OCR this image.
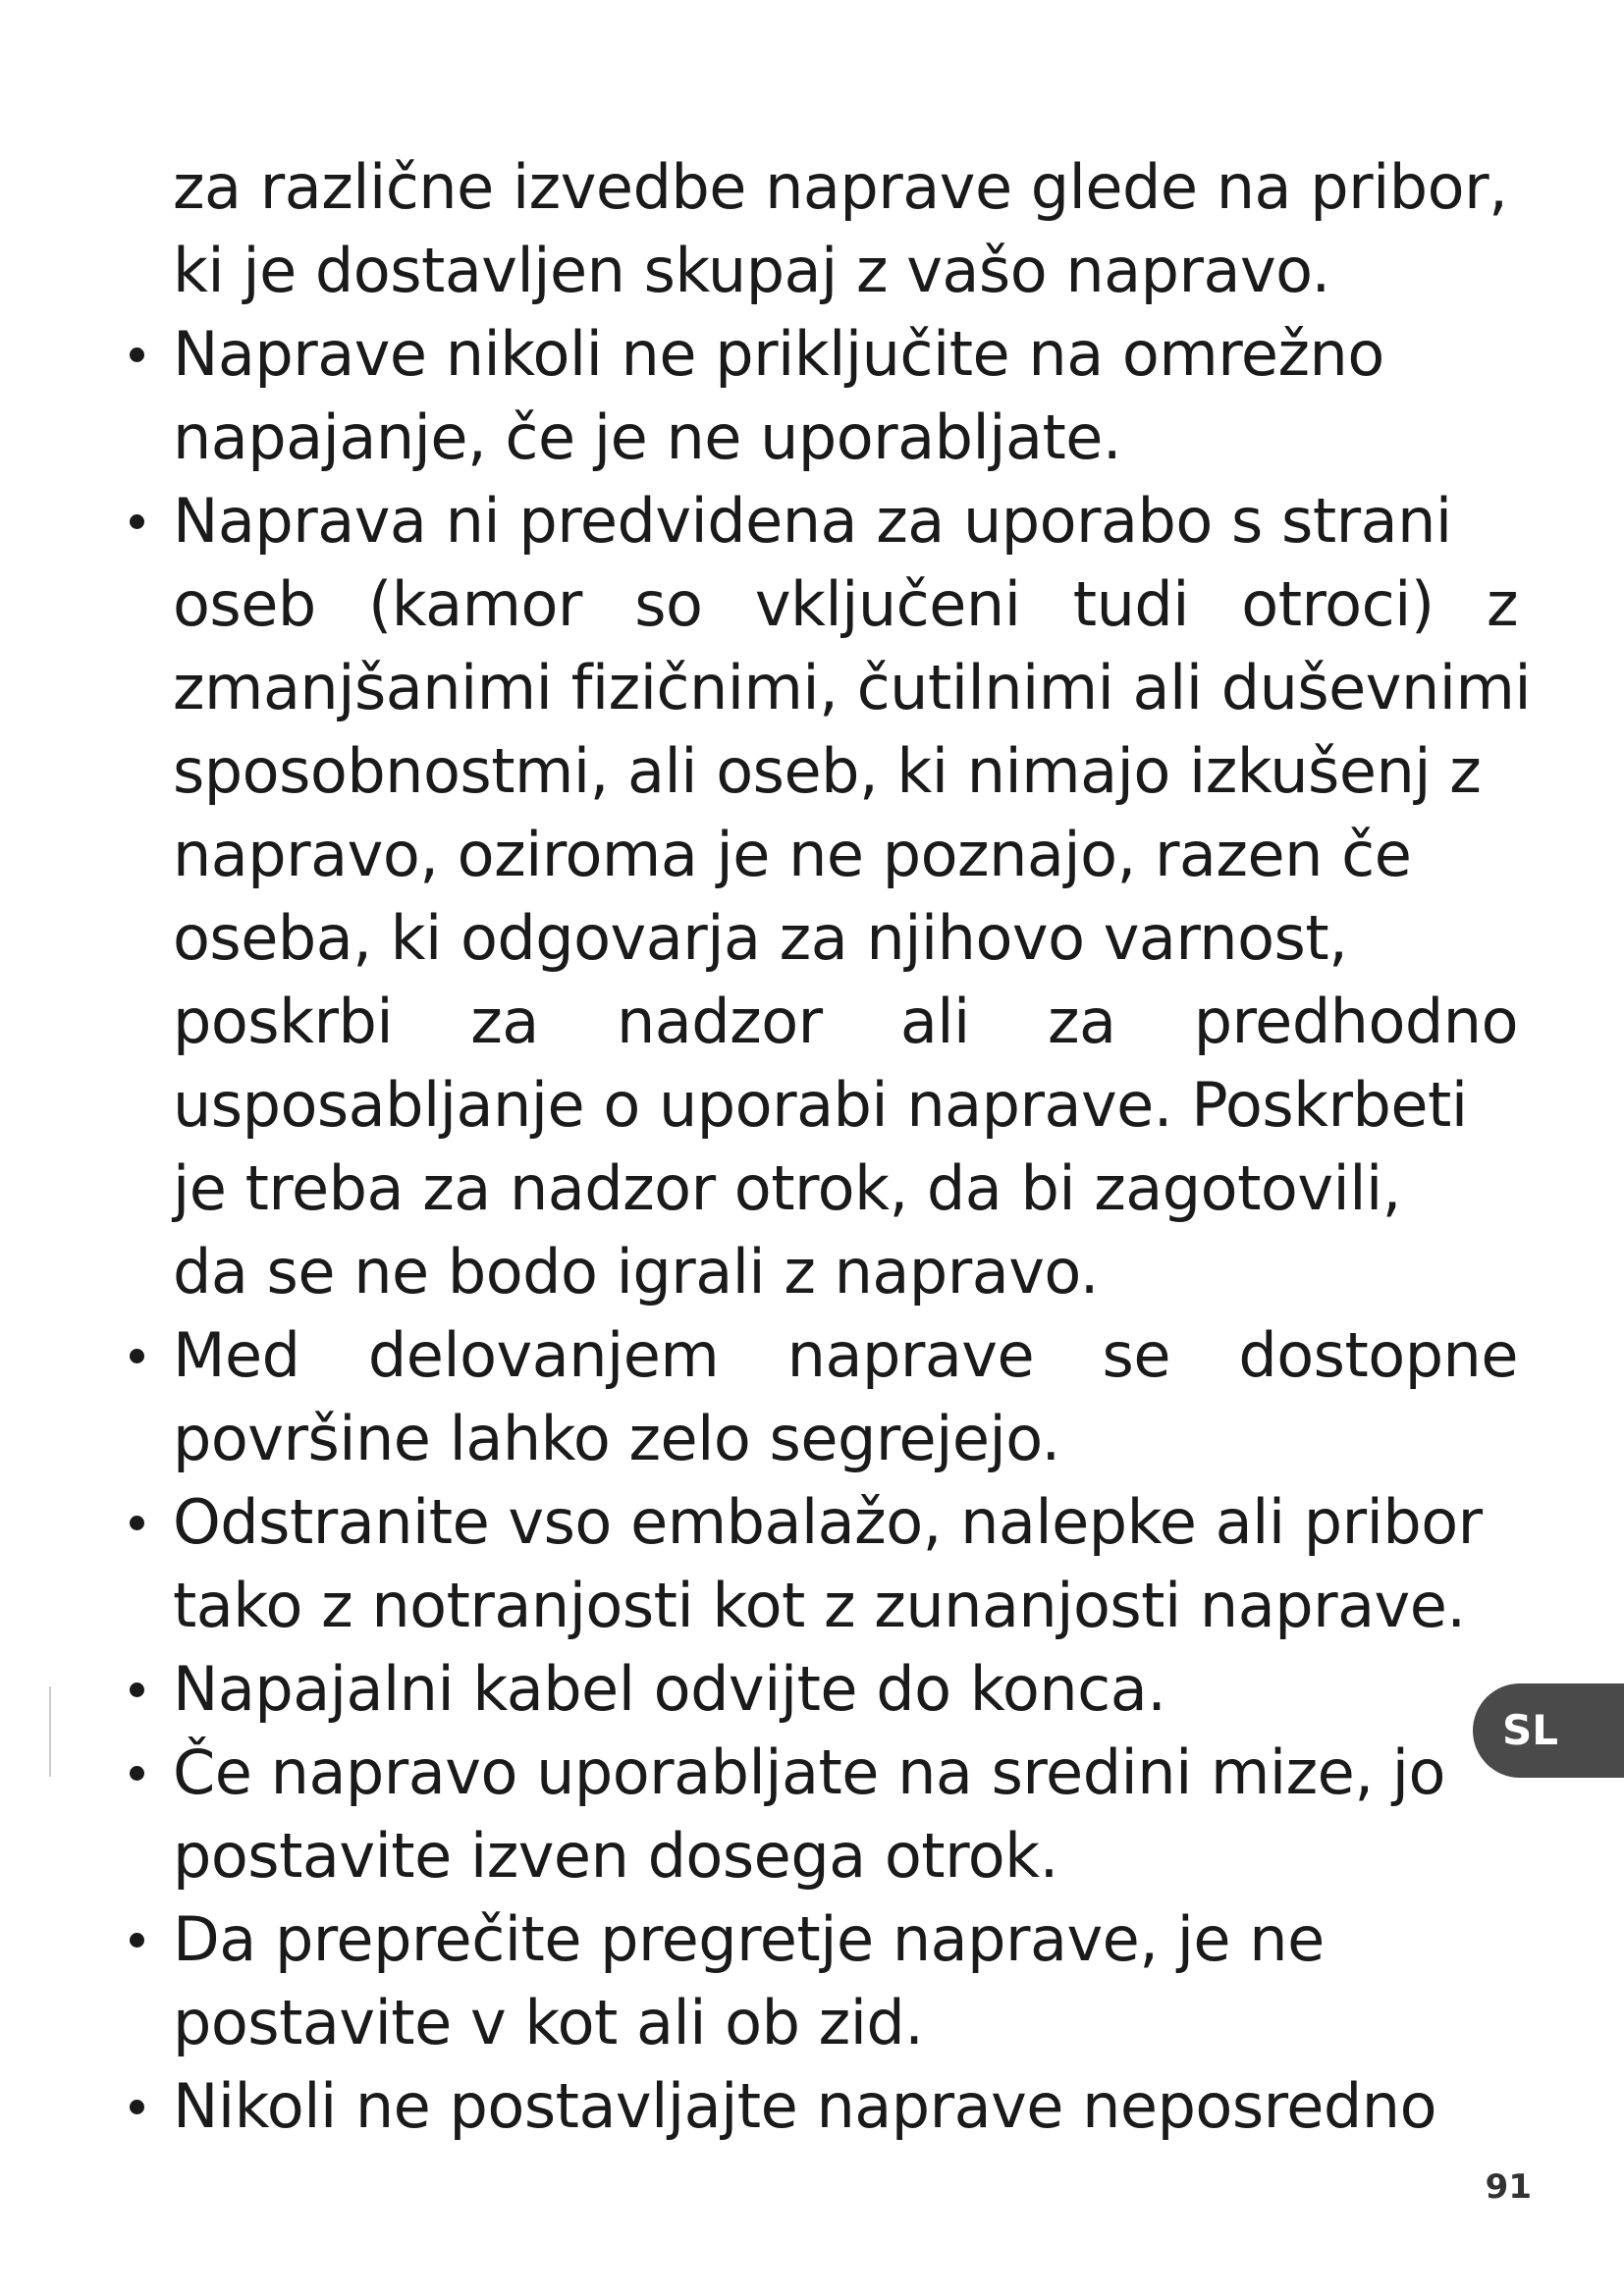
za različne izvedbe naprave glede na pribor,
ki je dostavljen skupaj z vašo napravo.
Naprave nikoli ne priključite na omrežno
napajanje, če je ne uporabljate.
Naprava ni predvidena za uporabo s strani
oseb (kamor so vključeni tudi otroci) z
zmanjšanimi fizičnimi, čutilnimi ali duševnimi
sposobnostmi, ali oseb, ki nimajo izkušenj z
napravo, oziroma je ne poznajo, razen če
oseba, ki odgovarja za njihovo varnost,
poskrbi za nadzor ali za predhodno
usposabljanje o uporabi naprave. Poskrbeti
je treba za nadzor otrok, da bi zagotovili,
da se ne bodo igrali z napravo.
Med delovanjem naprave se dostopne
površine lahko zelo segrejejo.
Odstranite vso embalažo, nalepke ali pribor
tako z notranjosti kot z zunanjosti naprave.
Napajalni kabel odvijte do konca.
Če napravo uporabljate na sredini mize, jo
postavite izven dosega otrok.
Da preprečite pregretje naprave, je ne
postavite v kot ali ob zid.
Nikoli ne postavljajte naprave neposredno
SL
91
